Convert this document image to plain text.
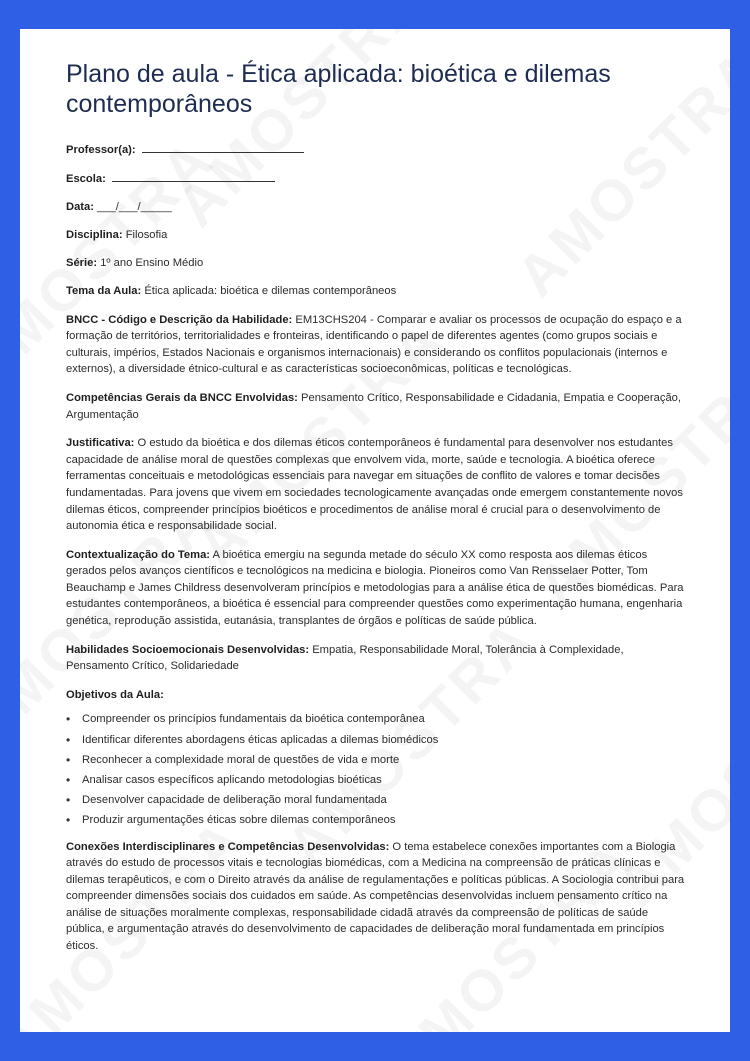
Plano de aula - Ética aplicada: bioética e dilemas contemporâneos

Professor(a):

Escola:

Data: ___/___/_____

Disciplina: Filosofia

Série: 1º ano Ensino Médio

Tema da Aula: Ética aplicada: bioética e dilemas contemporâneos

BNCC - Código e Descrição da Habilidade: EM13CHS204 - Comparar e avaliar os processos de ocupação do espaço e a formação de territórios, territorialidades e fronteiras, identificando o papel de diferentes agentes (como grupos sociais e culturais, impérios, Estados Nacionais e organismos internacionais) e considerando os conflitos populacionais (internos e externos), a diversidade étnico-cultural e as características socioeconômicas, políticas e tecnológicas.

Competências Gerais da BNCC Envolvidas: Pensamento Crítico, Responsabilidade e Cidadania, Empatia e Cooperação, Argumentação

Justificativa: O estudo da bioética e dos dilemas éticos contemporâneos é fundamental para desenvolver nos estudantes capacidade de análise moral de questões complexas que envolvem vida, morte, saúde e tecnologia. A bioética oferece ferramentas conceituais e metodológicas essenciais para navegar em situações de conflito de valores e tomar decisões fundamentadas. Para jovens que vivem em sociedades tecnologicamente avançadas onde emergem constantemente novos dilemas éticos, compreender princípios bioéticos e procedimentos de análise moral é crucial para o desenvolvimento de autonomia ética e responsabilidade social.

Contextualização do Tema: A bioética emergiu na segunda metade do século XX como resposta aos dilemas éticos gerados pelos avanços científicos e tecnológicos na medicina e biologia. Pioneiros como Van Rensselaer Potter, Tom Beauchamp e James Childress desenvolveram princípios e metodologias para a análise ética de questões biomédicas. Para estudantes contemporâneos, a bioética é essencial para compreender questões como experimentação humana, engenharia genética, reprodução assistida, eutanásia, transplantes de órgãos e políticas de saúde pública.

Habilidades Socioemocionais Desenvolvidas: Empatia, Responsabilidade Moral, Tolerância à Complexidade, Pensamento Crítico, Solidariedade

Objetivos da Aula:

• Compreender os princípios fundamentais da bioética contemporânea
• Identificar diferentes abordagens éticas aplicadas a dilemas biomédicos
• Reconhecer a complexidade moral de questões de vida e morte
• Analisar casos específicos aplicando metodologias bioéticas
• Desenvolver capacidade de deliberação moral fundamentada
• Produzir argumentações éticas sobre dilemas contemporâneos

Conexões Interdisciplinares e Competências Desenvolvidas: O tema estabelece conexões importantes com a Biologia através do estudo de processos vitais e tecnologias biomédicas, com a Medicina na compreensão de práticas clínicas e dilemas terapêuticos, e com o Direito através da análise de regulamentações e políticas públicas. A Sociologia contribui para compreender dimensões sociais dos cuidados em saúde. As competências desenvolvidas incluem pensamento crítico na análise de situações moralmente complexas, responsabilidade cidadã através da compreensão de políticas de saúde pública, e argumentação através do desenvolvimento de capacidades de deliberação moral fundamentada em princípios éticos.
